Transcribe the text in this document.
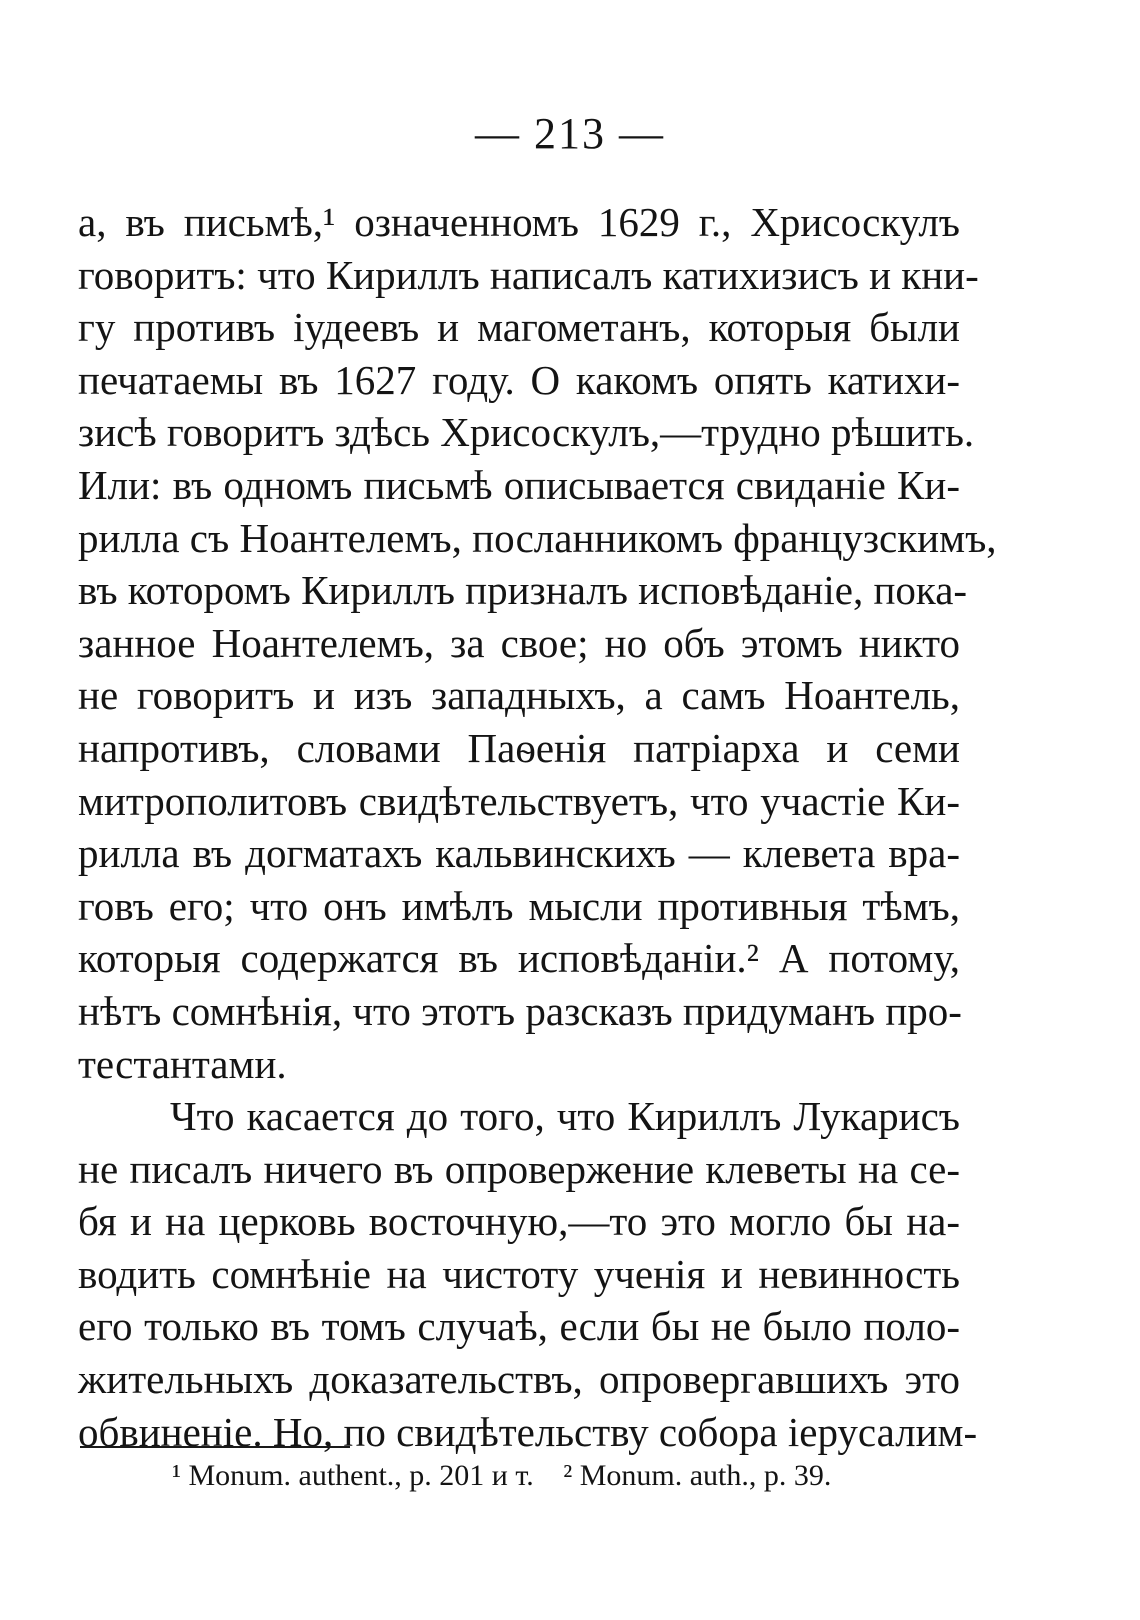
— 213 —
а, въ письмѣ,¹ означенномъ 1629 г., Хрисоскулъ
говоритъ: что Кириллъ написалъ катихизисъ и кни-
гу противъ іудеевъ и магометанъ, которыя были
печатаемы въ 1627 году. О какомъ опять катихи-
зисѣ говоритъ здѣсь Хрисоскулъ,—трудно рѣшить.
Или: въ одномъ письмѣ описывается свиданіе Ки-
рилла съ Ноантелемъ, посланникомъ французскимъ,
въ которомъ Кириллъ призналъ исповѣданіе, пока-
занное Ноантелемъ, за свое; но объ этомъ никто
не говоритъ и изъ западныхъ, а самъ Ноантель,
напротивъ, словами Паѳенія патріарха и семи
митрополитовъ свидѣтельствуетъ, что участіе Ки-
рилла въ догматахъ кальвинскихъ — клевета вра-
говъ его; что онъ имѣлъ мысли противныя тѣмъ,
которыя содержатся въ исповѣданіи.² А потому,
нѣтъ сомнѣнія, что этотъ разсказъ придуманъ про-
тестантами.
Что касается до того, что Кириллъ Лукарисъ
не писалъ ничего въ опровержение клеветы на се-
бя и на церковь восточную,—то это могло бы на-
водить сомнѣніе на чистоту ученія и невинность
его только въ томъ случаѣ, если бы не было поло-
жительныхъ доказательствъ, опровергавшихъ это
обвиненіе. Но, по свидѣтельству собора іерусалим-
¹ Monum. authent., p. 201 и т. ² Monum. auth., p. 39.
